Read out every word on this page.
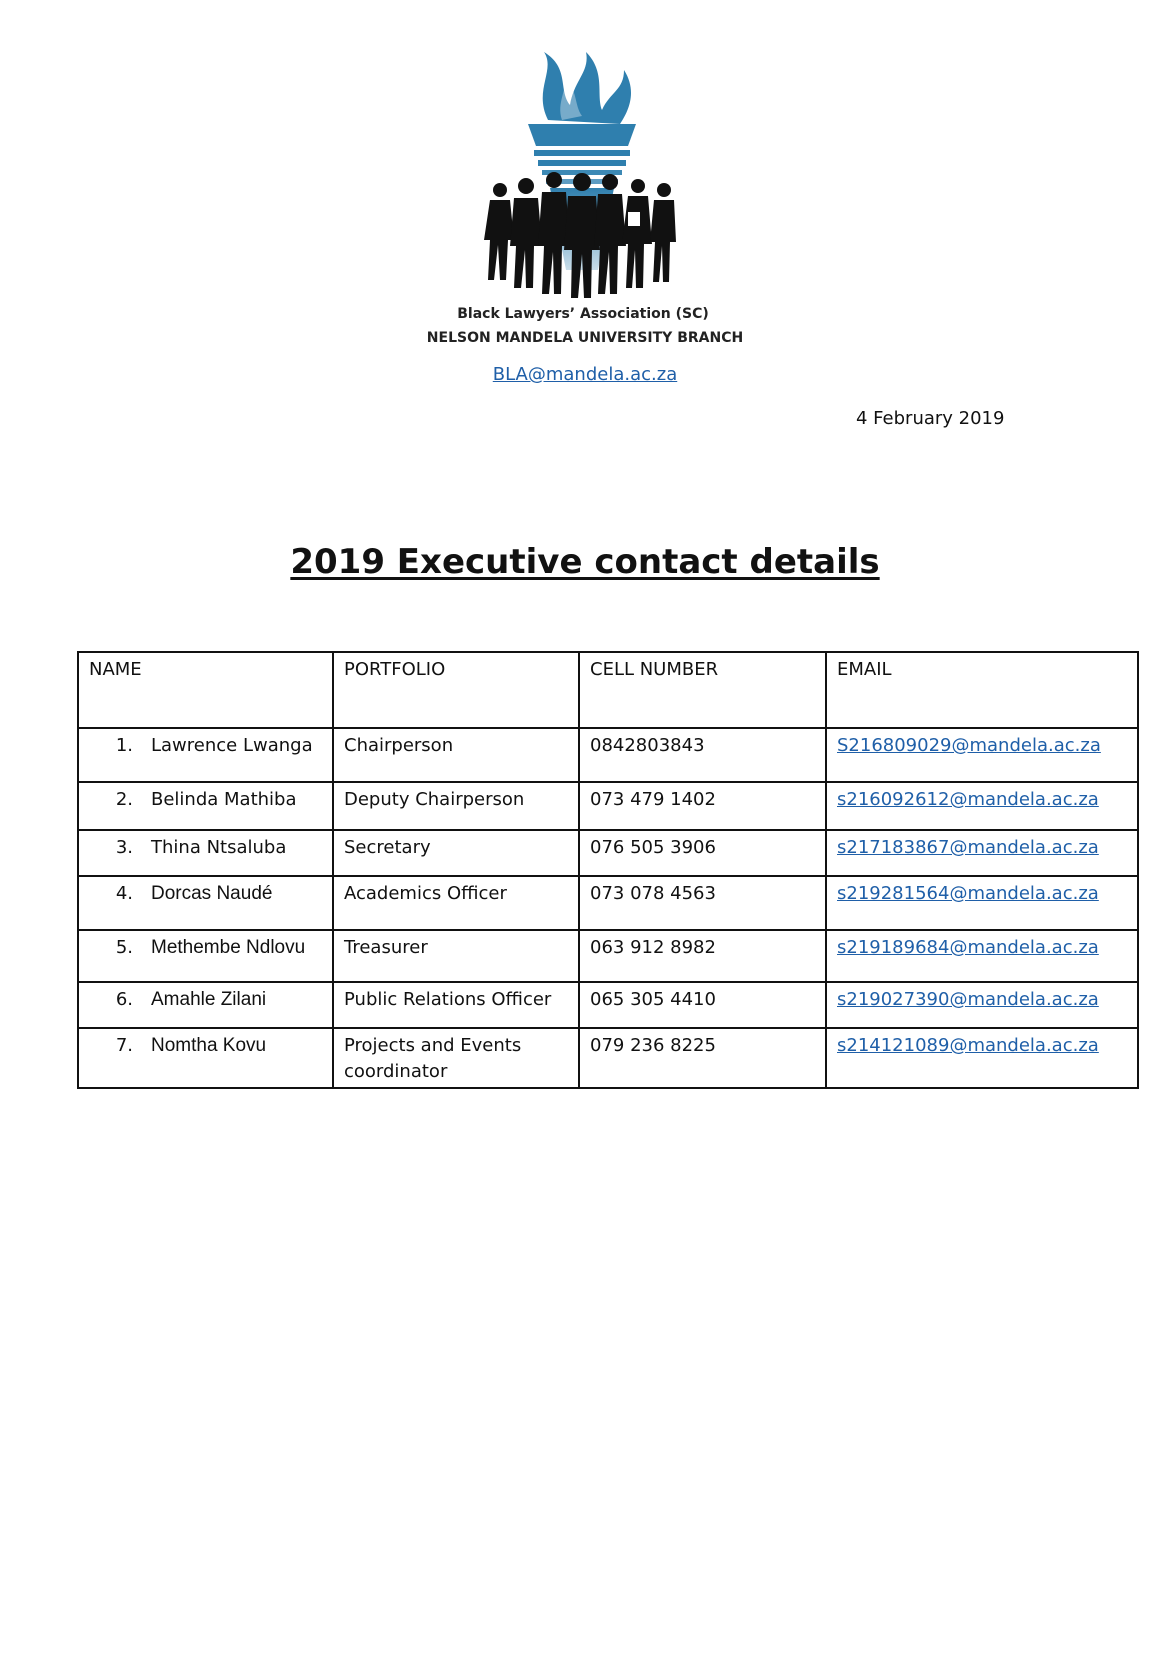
Black Lawyers’ Association (SC)
NELSON MANDELA UNIVERSITY BRANCH
BLA@mandela.ac.za
4 February 2019
2019 Executive contact details
NAME	PORTFOLIO	CELL NUMBER	EMAIL

1. Lawrence Lwanga	Chairperson	0842803843	S216809029@mandela.ac.za

2. Belinda Mathiba	Deputy Chairperson	073 479 1402	s216092612@mandela.ac.za

3. Thina Ntsaluba	Secretary	076 505 3906	s217183867@mandela.ac.za

4. Dorcas Naudé	Academics Officer	073 078 4563	s219281564@mandela.ac.za

5. Methembe Ndlovu	Treasurer	063 912 8982	s219189684@mandela.ac.za

6. Amahle Zilani	Public Relations Officer	065 305 4410	s219027390@mandela.ac.za

7. Nomtha Kovu	Projects and Events coordinator	079 236 8225	s214121089@mandela.ac.za
